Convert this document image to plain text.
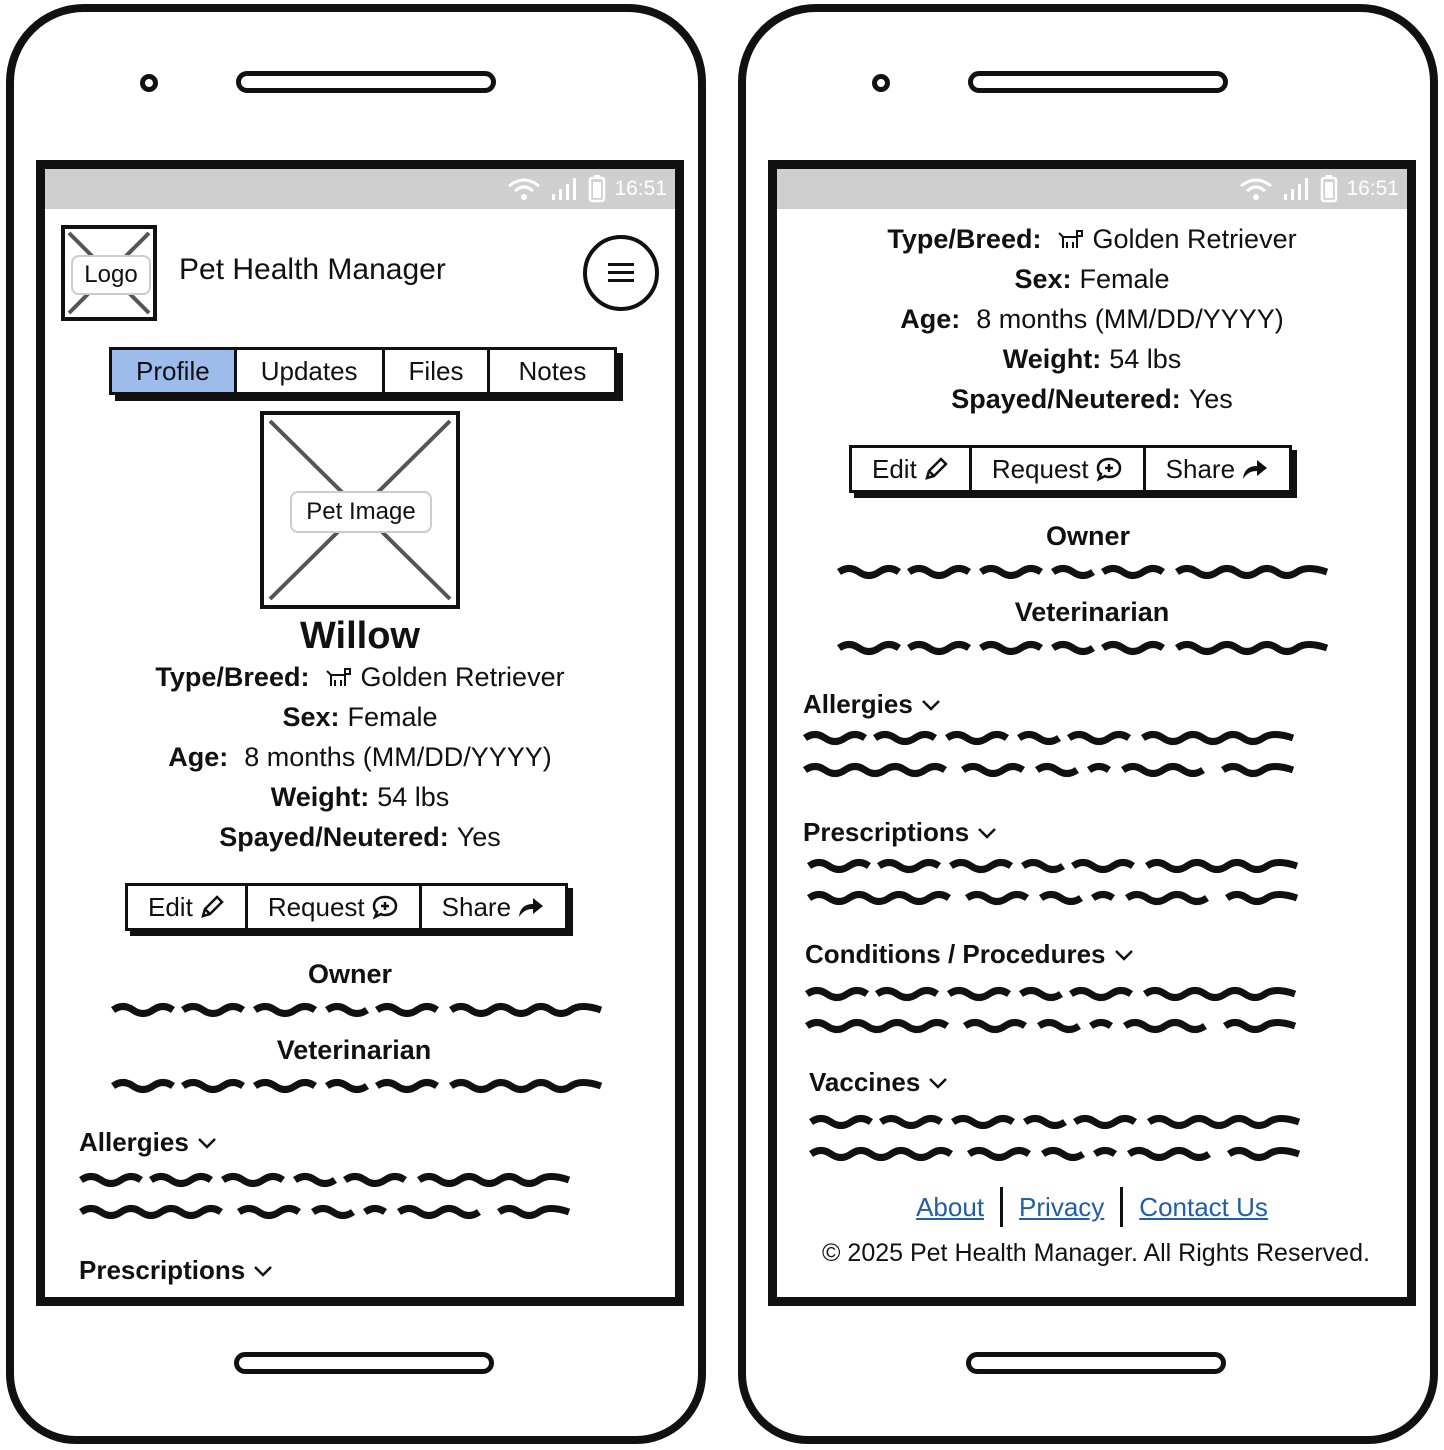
16:51
Logo	Pet Health Manager
Profile	Updates	Files	Notes
Pet Image
Willow
Type/Breed: Golden Retriever
Sex: Female
Age: 8 months (MM/DD/YYYY)
Weight: 54 lbs
Spayed/Neutered: Yes
Edit	Request	Share
Owner
Veterinarian
Allergies
Prescriptions
16:51
Type/Breed: Golden Retriever
Sex: Female
Age: 8 months (MM/DD/YYYY)
Weight: 54 lbs
Spayed/Neutered: Yes
Edit	Request	Share
Owner
Veterinarian
Allergies
Prescriptions
Conditions / Procedures
Vaccines
About Privacy Contact Us
© 2025 Pet Health Manager. All Rights Reserved.
